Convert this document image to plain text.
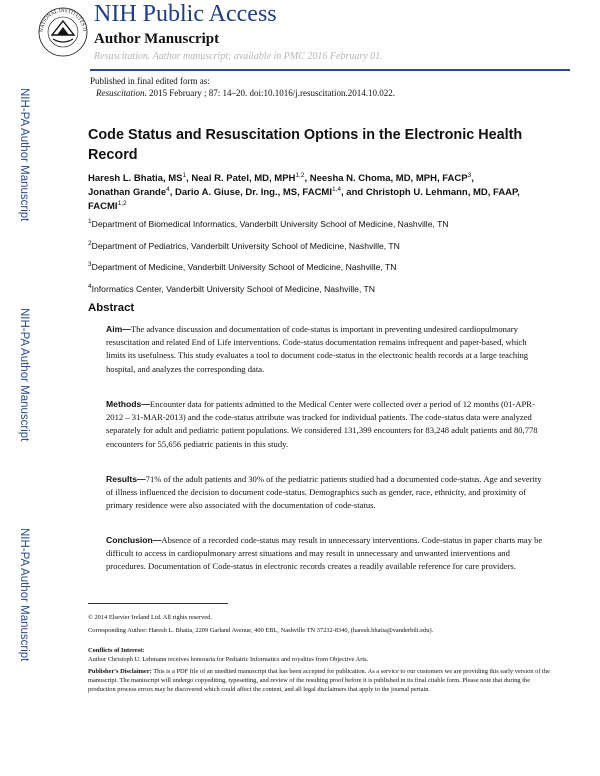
NIH-PA Author Manuscript
NIH-PA Author Manuscript
NIH-PA Author Manuscript
NATIONAL INSTITUTES O
NIH Public Access
Author Manuscript
Resuscitation. Author manuscript; available in PMC 2016 February 01.
Published in final edited form as:
Resuscitation. 2015 February ; 87: 14–20. doi:10.1016/j.resuscitation.2014.10.022.
Code Status and Resuscitation Options in the Electronic Health Record
Haresh L. Bhatia, $MS^1$, Neal R. Patel, MD, MPH$^{1,2}$, Neesha N. Choma, MD, MPH, FACP$^3$,
Jonathan Grande$^4$, Dario A. Giuse, Dr. Ing., MS, FACMI$^{1,4}$, and Christoph U. Lehmann, MD, FAAP, FACMI$^{1,2}$
$^1$Department of Biomedical Informatics, Vanderbilt University School of Medicine, Nashville, TN
$^2$Department of Pediatrics, Vanderbilt University School of Medicine, Nashville, TN
$^3$Department of Medicine, Vanderbilt University School of Medicine, Nashville, TN
$^4$Informatics Center, Vanderbilt University School of Medicine, Nashville, TN
Abstract
Aim—The advance discussion and documentation of code-status is important in preventing undesired cardiopulmonary resuscitation and related End of Life interventions. Code-status documentation remains infrequent and paper-based, which limits its usefulness. This study evaluates a tool to document code-status in the electronic health records at a large teaching hospital, and analyzes the corresponding data.
Methods—Encounter data for patients admitted to the Medical Center were collected over a period of 12 months (01-APR-2012 – 31-MAR-2013) and the code-status attribute was tracked for individual patients. The code-status data were analyzed separately for adult and pediatric patient populations. We considered 131,399 encounters for 83,248 adult patients and 80,778 encounters for 55,656 pediatric patients in this study.
Results—71% of the adult patients and 30% of the pediatric patients studied had a documented code-status. Age and severity of illness influenced the decision to document code-status. Demographics such as gender, race, ethnicity, and proximity of primary residence were also associated with the documentation of code-status.
Conclusion—Absence of a recorded code-status may result in unnecessary interventions. Code-status in paper charts may be difficult to access in cardiopulmonary arrest situations and may result in unnecessary and unwanted interventions and procedures. Documentation of Code-status in electronic records creates a readily available reference for care providers.
© 2014 Elsevier Ireland Ltd. All rights reserved.
Corresponding Author: Haresh L. Bhatia, 2209 Garland Avenue, 400 EBL, Nashville TN 37232-8340, (haresh.bhatia@vanderbilt.edu).
Conflicts of Interest:
Author Christoph U. Lehmann receives honoraria for Pediatric Informatics and royalties from Objective Arts.
Publisher's Disclaimer: This is a PDF file of an unedited manuscript that has been accepted for publication. As a service to our customers we are providing this early version of the manuscript. The manuscript will undergo copyediting, typesetting, and review of the resulting proof before it is published in its final citable form. Please note that during the production process errors may be discovered which could affect the content, and all legal disclaimers that apply to the journal pertain.
